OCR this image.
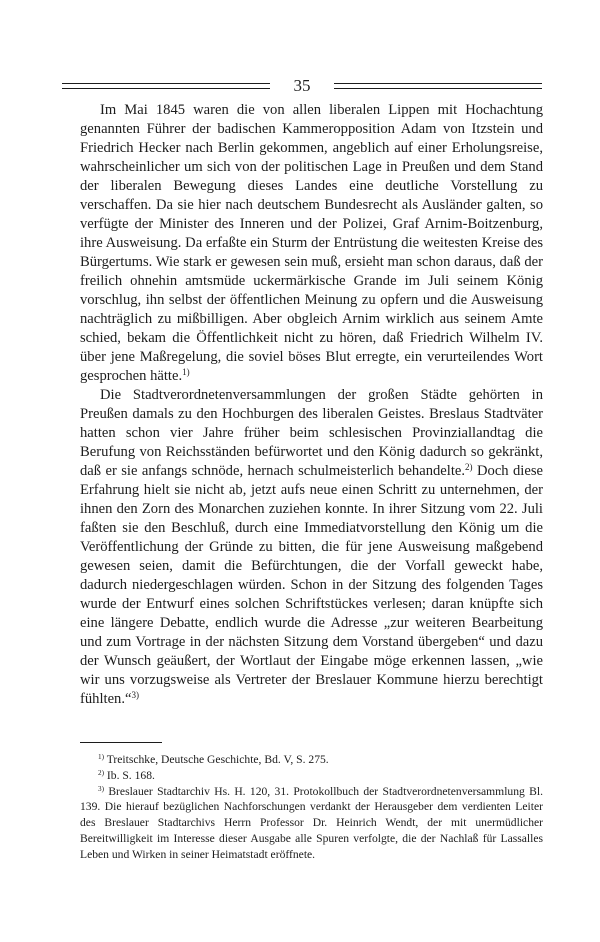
35

Im Mai 1845 waren die von allen liberalen Lippen mit Hochachtung genannten Führer der badischen Kammeropposition Adam von Itzstein und Friedrich Hecker nach Berlin gekommen, angeblich auf einer Erholungsreise, wahrscheinlicher um sich von der politischen Lage in Preußen und dem Stand der liberalen Bewegung dieses Landes eine deutliche Vorstellung zu verschaffen. Da sie hier nach deutschem Bundesrecht als Ausländer galten, so verfügte der Minister des Inneren und der Polizei, Graf Arnim-Boitzenburg, ihre Ausweisung. Da erfaßte ein Sturm der Entrüstung die weitesten Kreise des Bürgertums. Wie stark er gewesen sein muß, ersieht man schon daraus, daß der freilich ohnehin amtsmüde uckermärkische Grande im Juli seinem König vorschlug, ihn selbst der öffentlichen Meinung zu opfern und die Ausweisung nachträglich zu mißbilligen. Aber obgleich Arnim wirklich aus seinem Amte schied, bekam die Öffentlichkeit nicht zu hören, daß Friedrich Wilhelm IV. über jene Maßregelung, die soviel böses Blut erregte, ein verurteilendes Wort gesprochen hätte.$^{1)}$

Die Stadtverordnetenversammlungen der großen Städte gehörten in Preußen damals zu den Hochburgen des liberalen Geistes. Breslaus Stadtväter hatten schon vier Jahre früher beim schlesischen Provinziallandtag die Berufung von Reichsständen befürwortet und den König dadurch so gekränkt, daß er sie anfangs schnöde, hernach schulmeisterlich behandelte.$^{2)}$ Doch diese Erfahrung hielt sie nicht ab, jetzt aufs neue einen Schritt zu unternehmen, der ihnen den Zorn des Monarchen zuziehen konnte. In ihrer Sitzung vom 22. Juli faßten sie den Beschluß, durch eine Immediatvorstellung den König um die Veröffentlichung der Gründe zu bitten, die für jene Ausweisung maßgebend gewesen seien, damit die Befürchtungen, die der Vorfall geweckt habe, dadurch niedergeschlagen würden. Schon in der Sitzung des folgenden Tages wurde der Entwurf eines solchen Schriftstückes verlesen; daran knüpfte sich eine längere Debatte, endlich wurde die Adresse „zur weiteren Bearbeitung und zum Vortrage in der nächsten Sitzung dem Vorstand übergeben“ und dazu der Wunsch geäußert, der Wortlaut der Eingabe möge erkennen lassen, „wie wir uns vorzugsweise als Vertreter der Breslauer Kommune hierzu berechtigt fühlten.“$^{3)}$

$^{1)}$ Treitschke, Deutsche Geschichte, Bd. V, S. 275.

$^{2)}$ Ib. S. 168.

$^{3)}$ Breslauer Stadtarchiv Hs. H. 120, 31. Protokollbuch der Stadtverordnetenversammlung Bl. 139. Die hierauf bezüglichen Nachforschungen verdankt der Herausgeber dem verdienten Leiter des Breslauer Stadtarchivs Herrn Professor Dr. Heinrich Wendt, der mit unermüdlicher Bereitwilligkeit im Interesse dieser Ausgabe alle Spuren verfolgte, die der Nachlaß für Lassalles Leben und Wirken in seiner Heimatstadt eröffnete.
